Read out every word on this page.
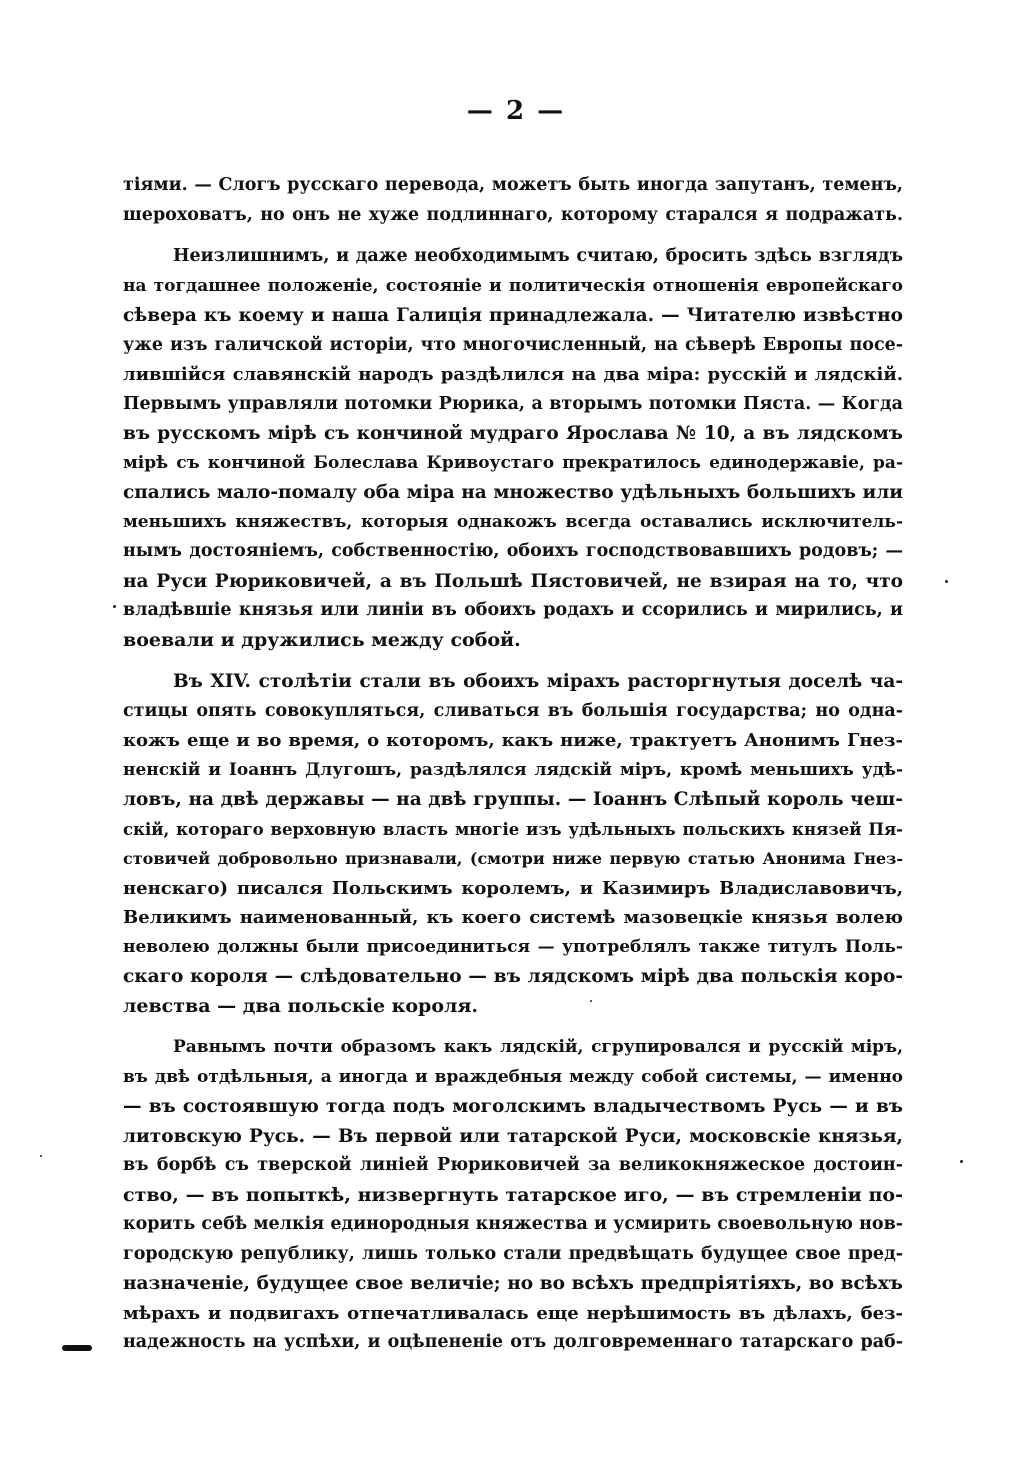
— 2 —
тіями. — Слогъ русскаго перевода, можетъ быть иногда запутанъ, теменъ,
шероховатъ, но онъ не хуже подлиннаго, которому старался я подражать.
Неизлишнимъ, и даже необходимымъ считаю, бросить здѣсь взглядъ
на тогдашнее положеніе, состояніе и политическія отношенія европейскаго
сѣвера къ коему и наша Галиція принадлежала. — Читателю извѣстно
уже изъ галичской исторіи, что многочисленный, на сѣверѣ Европы посе-
лившійся славянскій народъ раздѣлился на два міра: русскій и лядскій.
Первымъ управляли потомки Рюрика, а вторымъ потомки Пяста. — Когда
въ русскомъ мірѣ съ кончиной мудраго Ярослава № 10, а въ лядскомъ
мірѣ съ кончиной Болеслава Кривоустаго прекратилось единодержавіе, ра-
спались мало-помалу оба міра на множество удѣльныхъ большихъ или
меньшихъ княжествъ, которыя однакожъ всегда оставались исключитель-
нымъ достояніемъ, собственностію, обоихъ господствовавшихъ родовъ; —
на Руси Рюриковичей, а въ Польшѣ Пястовичей, не взирая на то, что
владѣвшіе князья или линіи въ обоихъ родахъ и ссорились и мирились, и
воевали и дружились между собой.
Въ XIV. столѣтіи стали въ обоихъ мірахъ расторгнутыя доселѣ ча-
стицы опять совокупляться, сливаться въ большія государства; но одна-
кожъ еще и во время, о которомъ, какъ ниже, трактуетъ Анонимъ Гнез-
ненскій и Іоаннъ Длугошъ, раздѣлялся лядскій міръ, кромѣ меньшихъ удѣ-
ловъ, на двѣ державы — на двѣ группы. — Іоаннъ Слѣпый король чеш-
скій, котораго верховную власть многіе изъ удѣльныхъ польскихъ князей Пя-
стовичей добровольно признавали, (смотри ниже первую статью Анонима Гнез-
ненскаго) писался Польскимъ королемъ, и Казимиръ Владиславовичъ,
Великимъ наименованный, къ коего системѣ мазовецкіе князья волею
неволею должны были присоединиться — употреблялъ также титулъ Поль-
скаго короля — слѣдовательно — въ лядскомъ мірѣ два польскія коро-
левства — два польскіе короля.
Равнымъ почти образомъ какъ лядскій, сгрупировался и русскій міръ,
въ двѣ отдѣльныя, а иногда и враждебныя между собой системы, — именно
— въ состоявшую тогда подъ моголскимъ владычествомъ Русь — и въ
литовскую Русь. — Въ первой или татарской Руси, московскіе князья,
въ борбѣ съ тверской линіей Рюриковичей за великокняжеское достоин-
ство, — въ попыткѣ, низвергнуть татарское иго, — въ стремленіи по-
корить себѣ мелкія единородныя княжества и усмирить своевольную нов-
городскую републику, лишь только стали предвѣщать будущее свое пред-
назначеніе, будущее свое величіе; но во всѣхъ предпріятіяхъ, во всѣхъ
мѣрахъ и подвигахъ отпечатливалась еще нерѣшимость въ дѣлахъ, без-
надежность на успѣхи, и оцѣпененіе отъ долговременнаго татарскаго раб-
